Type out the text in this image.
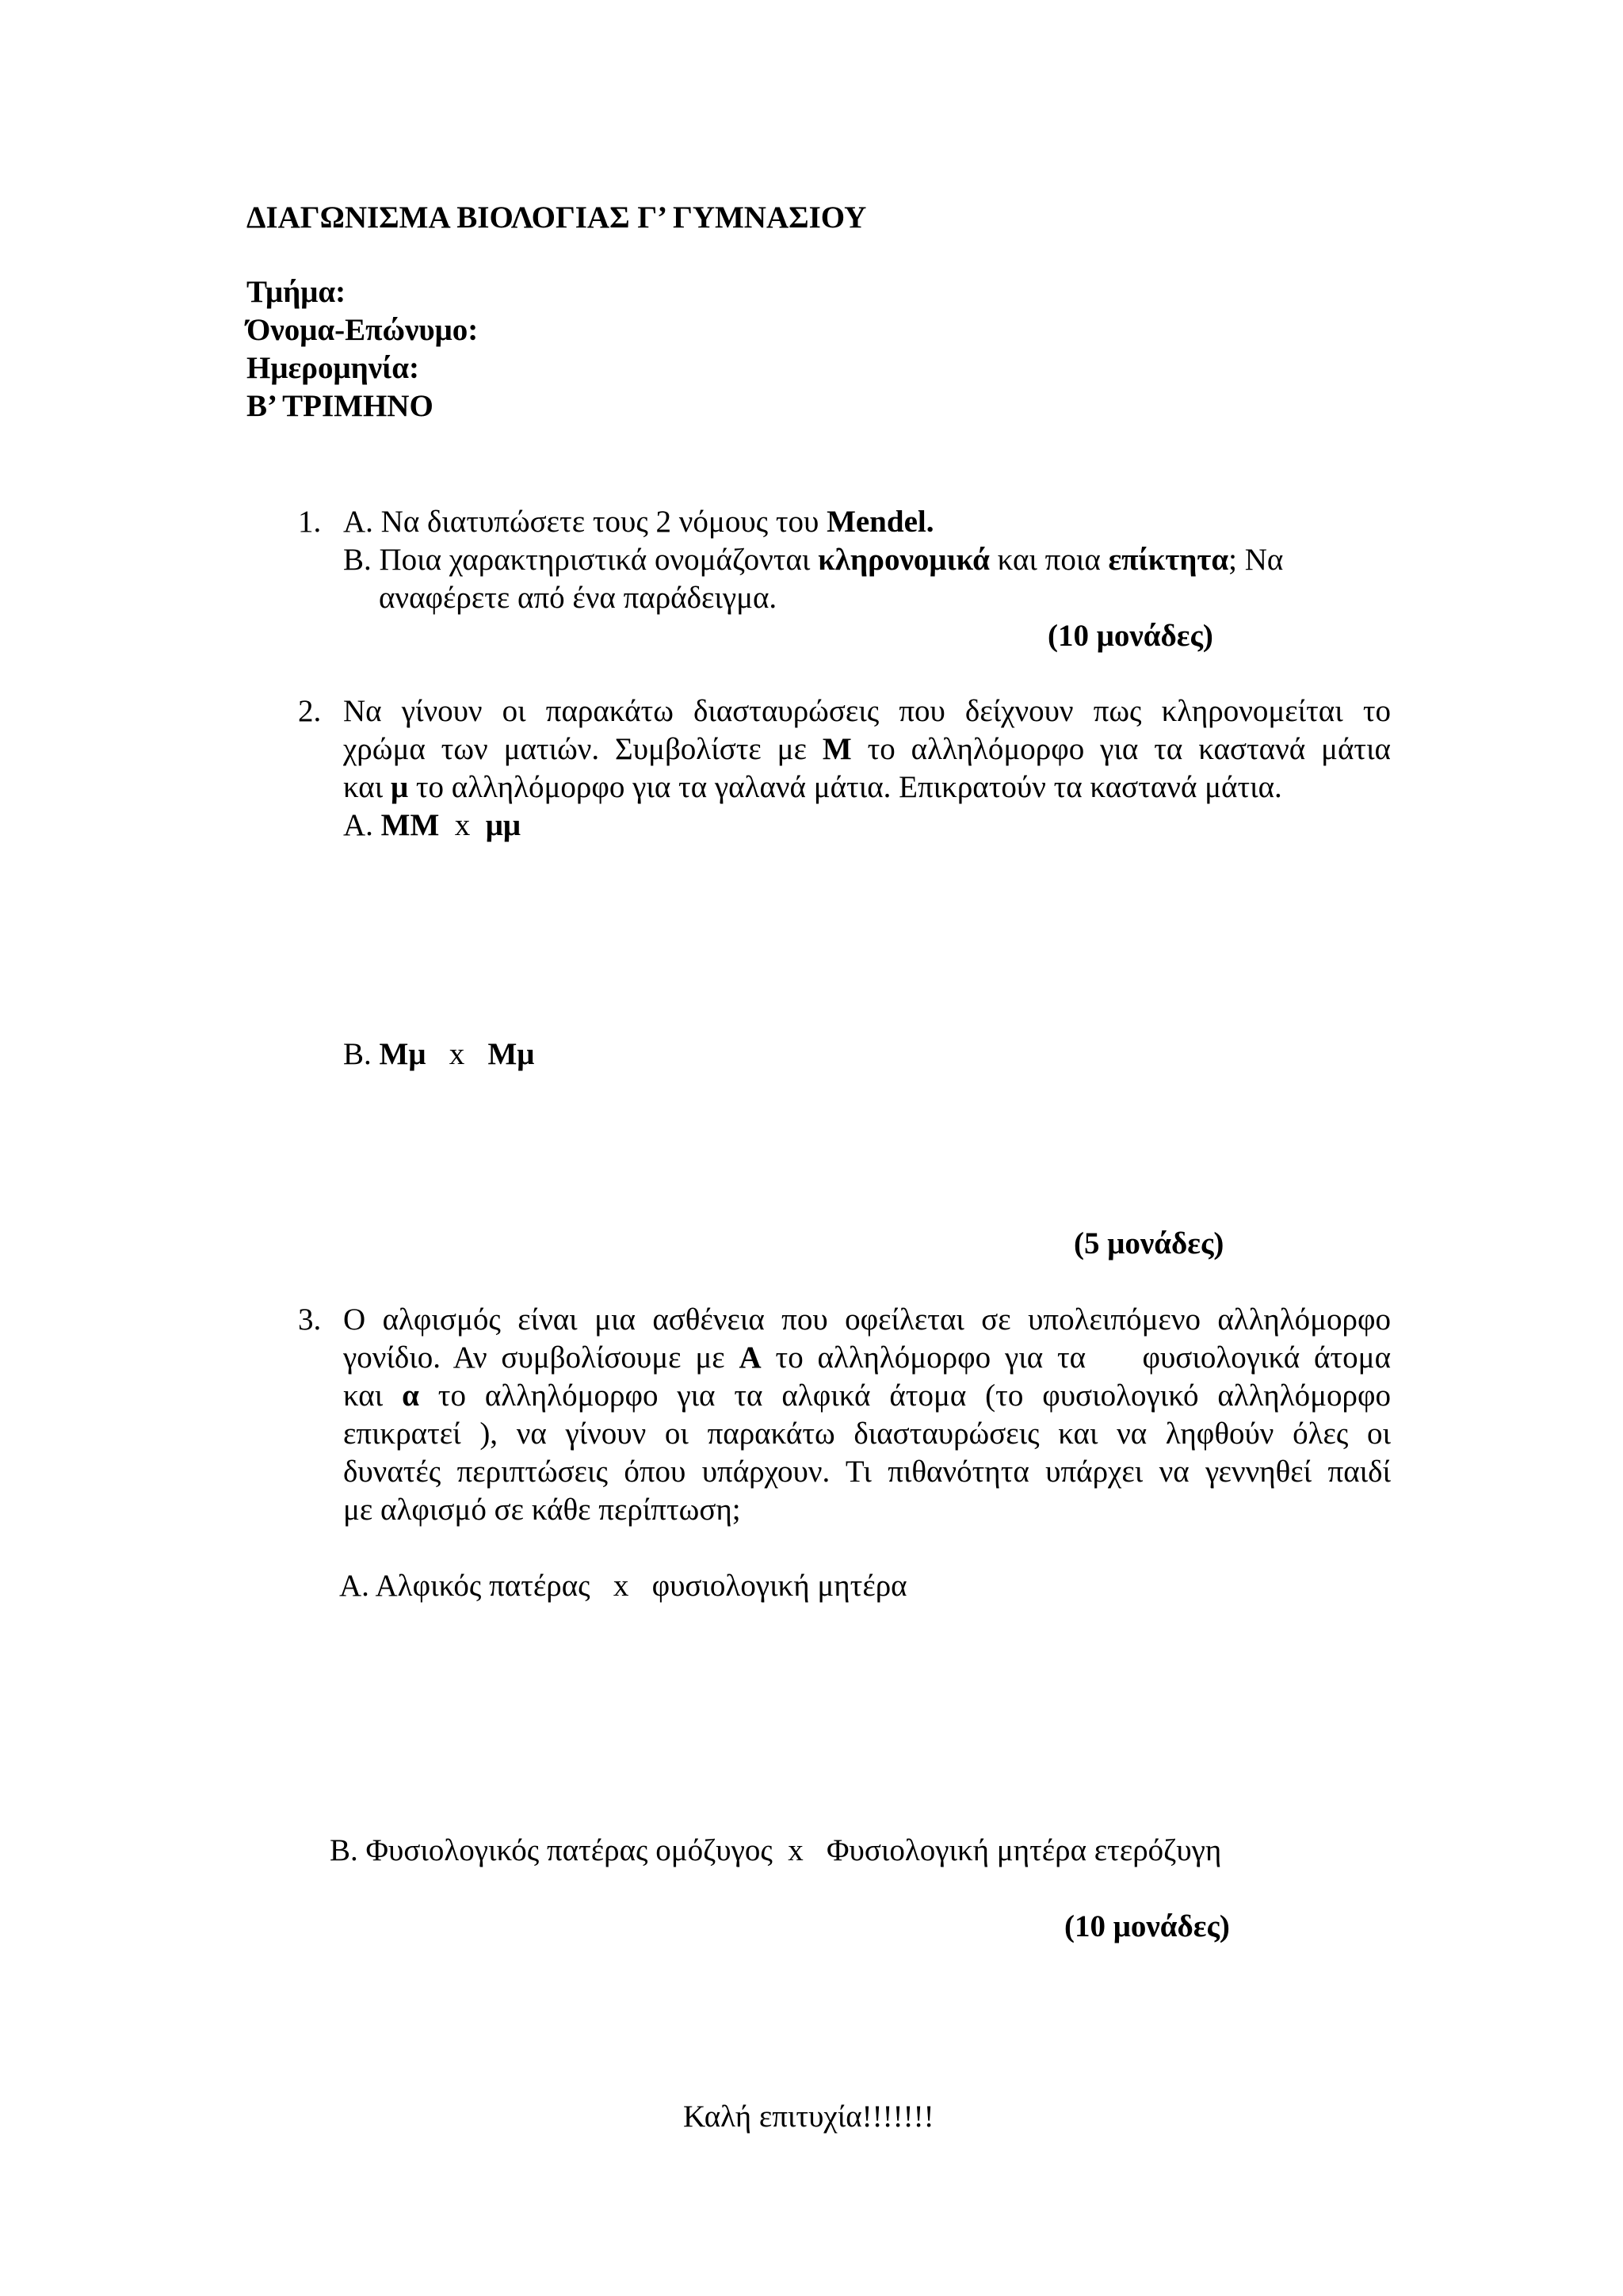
ΔΙΑΓΩΝΙΣΜΑ ΒΙΟΛΟΓΙΑΣ Γ’ ΓΥΜΝΑΣΙΟΥ
Τμήμα:
Όνομα-Επώνυμο:
Ημερομηνία:
Β’ ΤΡΙΜΗΝΟ
1. Α. Να διατυπώσετε τους 2 νόμους του Mendel.
Β. Ποια χαρακτηριστικά ονομάζονται κληρονομικά και ποια επίκτητα; Να
αναφέρετε από ένα παράδειγμα.
(10 μονάδες)
2. Να γίνουν οι παρακάτω διασταυρώσεις που δείχνουν πως κληρονομείται το
χρώμα των ματιών. Συμβολίστε με Μ το αλληλόμορφο για τα καστανά μάτια
και μ το αλληλόμορφο για τα γαλανά μάτια. Επικρατούν τα καστανά μάτια.
Α. ΜΜ  x  μμ
Β. Μμ   x   Μμ
(5 μονάδες)
3. Ο αλφισμός είναι μια ασθένεια που οφείλεται σε υπολειπόμενο αλληλόμορφο
γονίδιο. Αν συμβολίσουμε με Α το αλληλόμορφο για τα    φυσιολογικά άτομα
και α το αλληλόμορφο για τα αλφικά άτομα (το φυσιολογικό αλληλόμορφο
επικρατεί ), να γίνουν οι παρακάτω διασταυρώσεις και να ληφθούν όλες οι
δυνατές περιπτώσεις όπου υπάρχουν. Τι πιθανότητα υπάρχει να γεννηθεί παιδί
με αλφισμό σε κάθε περίπτωση;
Α. Αλφικός πατέρας   x   φυσιολογική μητέρα
Β. Φυσιολογικός πατέρας ομόζυγος  x   Φυσιολογική μητέρα ετερόζυγη
(10 μονάδες)
Καλή επιτυχία!!!!!!!
